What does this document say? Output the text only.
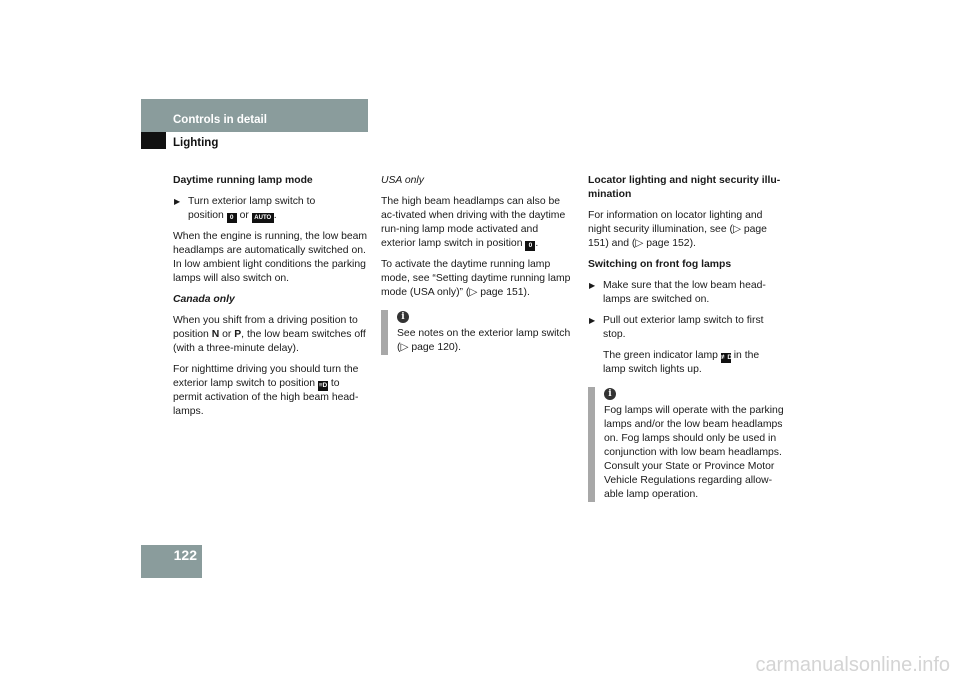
Controls in detail
Lighting

Daytime running lamp mode

▶ Turn exterior lamp switch to
position 0 or AUTO .

When the engine is running, the low beam headlamps are automatically switched on. In low ambient light conditions the parking lamps will also switch on.

Canada only

When you shift from a driving position to position N or P, the low beam switches off (with a three-minute delay).

For nighttime driving you should turn the exterior lamp switch to position ≡D to permit activation of the high beam head-lamps.

USA only

The high beam headlamps can also be ac-tivated when driving with the daytime run-ning lamp mode activated and exterior lamp switch in position 0 .

To activate the daytime running lamp mode, see “Setting daytime running lamp mode (USA only)” (▷ page 151).

i
See notes on the exterior lamp switch (▷ page 120).

Locator lighting and night security illu-mination

For information on locator lighting and night security illumination, see (▷ page 151) and (▷ page 152).

Switching on front fog lamps

▶ Make sure that the low beam head-lamps are switched on.

▶ Pull out exterior lamp switch to first stop.

The green indicator lamp ≢D in the lamp switch lights up.

i
Fog lamps will operate with the parking lamps and/or the low beam headlamps on. Fog lamps should only be used in conjunction with low beam headlamps. Consult your State or Province Motor Vehicle Regulations regarding allow-able lamp operation.
122
carmanualsonline.info
